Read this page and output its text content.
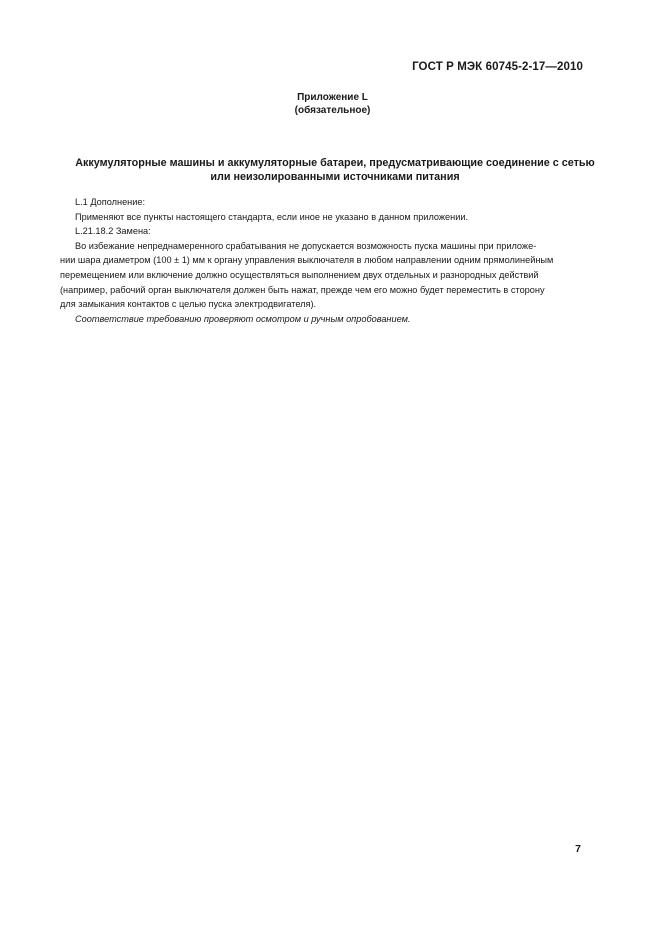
ГОСТ Р МЭК 60745-2-17—2010
Приложение L
(обязательное)
Аккумуляторные машины и аккумуляторные батареи, предусматривающие соединение с сетью
или неизолированными источниками питания

L.1 Дополнение:

Применяют все пункты настоящего стандарта, если иное не указано в данном приложении.

L.21.18.2 Замена:

Во избежание непреднамеренного срабатывания не допускается возможность пуска машины при приложе-

нии шара диаметром (100 ± 1) мм к органу управления выключателя в любом направлении одним прямолинейным

перемещением или включение должно осуществляться выполнением двух отдельных и разнородных действий

(например, рабочий орган выключателя должен быть нажат, прежде чем его можно будет переместить в сторону

для замыкания контактов с целью пуска электродвигателя).

Соответствие требованию проверяют осмотром и ручным опробованием.

7
